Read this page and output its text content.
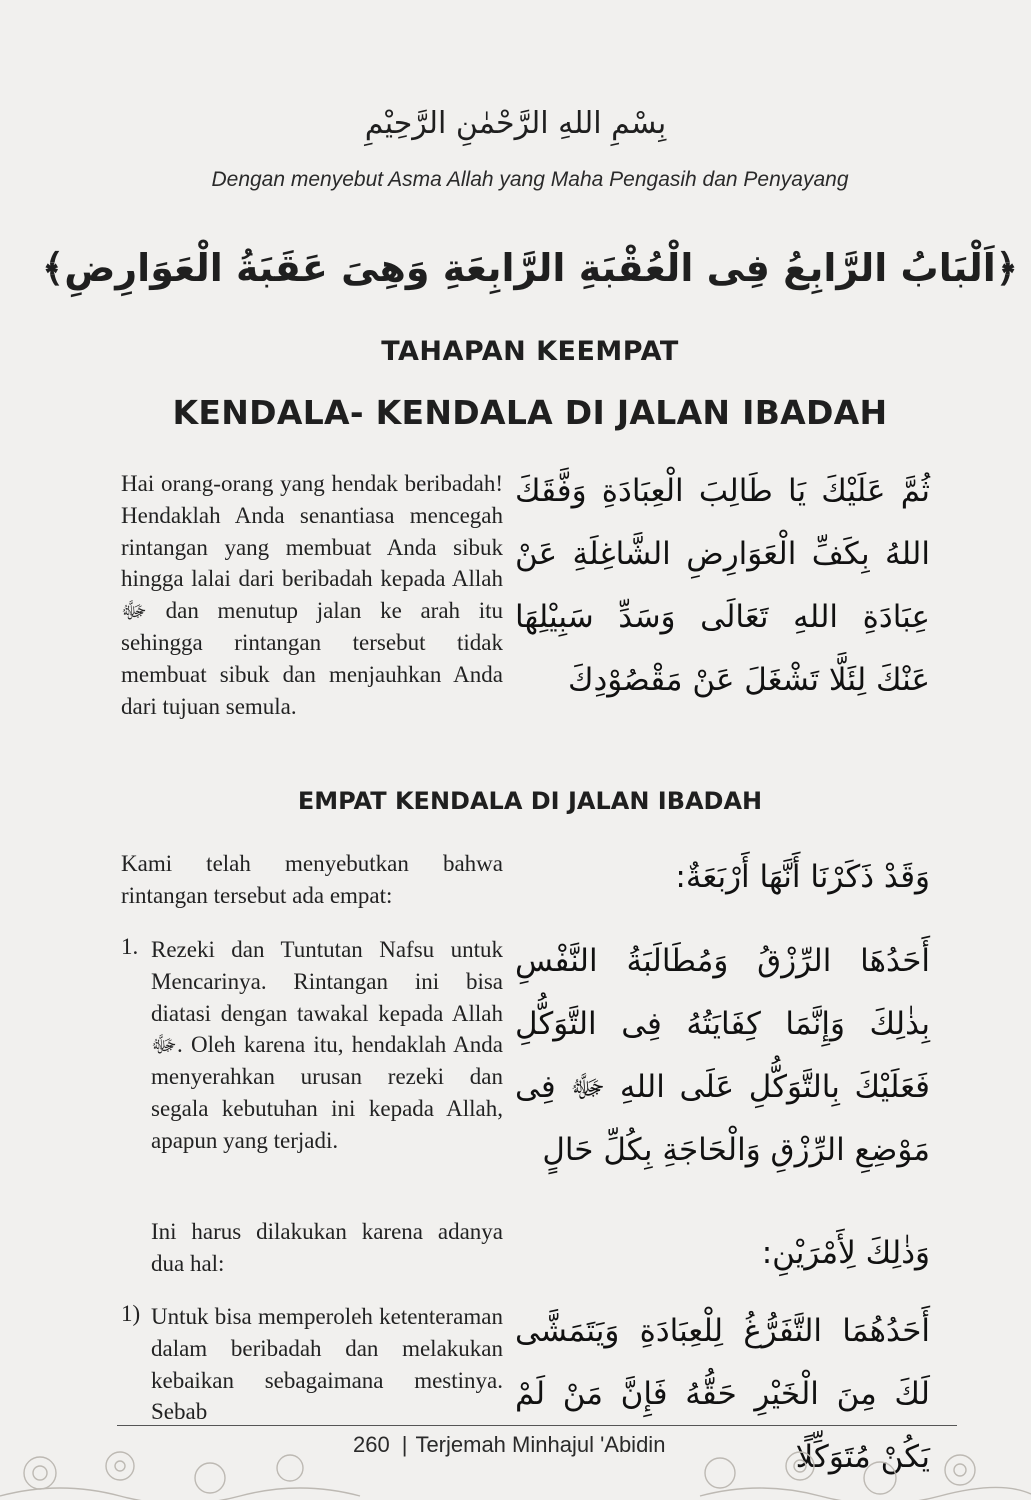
بِسْمِ اللهِ الرَّحْمٰنِ الرَّحِيْمِ
Dengan menyebut Asma Allah yang Maha Pengasih dan Penyayang
﴿اَلْبَابُ الرَّابِعُ فِى الْعُقْبَةِ الرَّابِعَةِ وَهِىَ عَقَبَةُ الْعَوَارِضِ﴾
TAHAPAN KEEMPAT
KENDALA- KENDALA DI JALAN IBADAH
Hai orang-orang yang hendak beribadah! Hendaklah Anda senantiasa mencegah rintangan yang membuat Anda sibuk hingga lalai dari beribadah kepada Allah ﷻ dan menutup jalan ke arah itu sehingga rintangan tersebut tidak membuat sibuk dan menjauhkan Anda dari tujuan semula.
ثُمَّ عَلَيْكَ يَا طَالِبَ الْعِبَادَةِ وَفَّقَكَ اللهُ بِكَفِّ الْعَوَارِضِ الشَّاغِلَةِ عَنْ عِبَادَةِ اللهِ تَعَالَى وَسَدِّ سَبِيْلِهَا عَنْكَ لِئَلَّا تَشْغَلَ عَنْ مَقْصُوْدِكَ
EMPAT KENDALA DI JALAN IBADAH
Kami telah menyebutkan bahwa rintangan tersebut ada empat:
وَقَدْ ذَكَرْنَا أَنَّهَا أَرْبَعَةٌ:
1. Rezeki dan Tuntutan Nafsu untuk Mencarinya. Rintangan ini bisa diatasi dengan tawakal kepada Allah ﷻ. Oleh karena itu, hendaklah Anda menyerahkan urusan rezeki dan segala kebutuhan ini kepada Allah, apapun yang terjadi.
أَحَدُهَا الرِّزْقُ وَمُطَالَبَةُ النَّفْسِ بِذٰلِكَ وَإِنَّمَا كِفَايَتُهُ فِى التَّوَكُّلِ فَعَلَيْكَ بِالتَّوَكُّلِ عَلَى اللهِ ﷻ فِى مَوْضِعِ الرِّزْقِ وَالْحَاجَةِ بِكُلِّ حَالٍ
Ini harus dilakukan karena adanya dua hal:	وَذٰلِكَ لِأَمْرَيْنِ:
1) Untuk bisa memperoleh ketenteraman dalam beribadah dan melakukan kebaikan sebagaimana mestinya. Sebab
أَحَدُهُمَا التَّفَرُّغُ لِلْعِبَادَةِ وَيَتَمَشَّى لَكَ مِنَ الْخَيْرِ حَقُّهُ فَإِنَّ مَنْ لَمْ يَكُنْ مُتَوَكِّلًا
260 | Terjemah Minhajul 'Abidin
